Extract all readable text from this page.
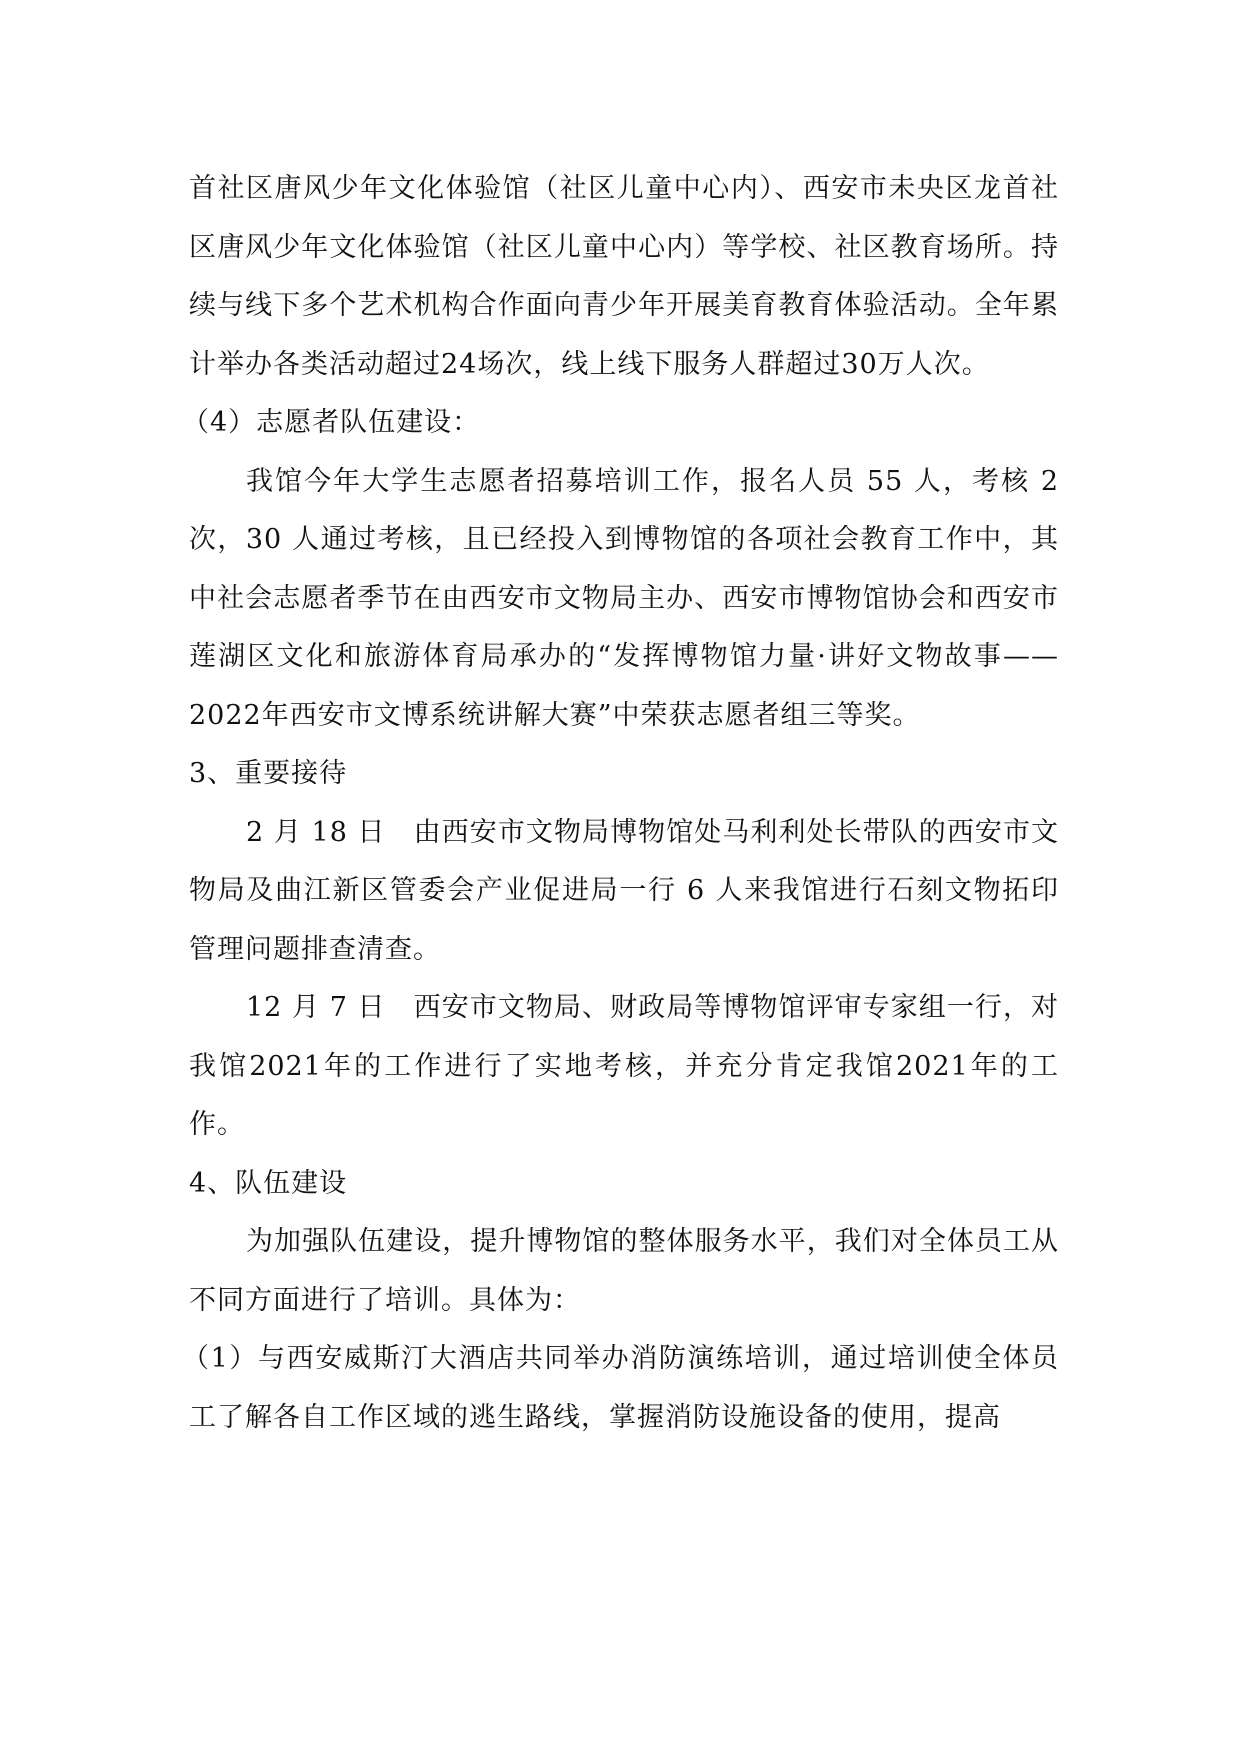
首社区唐风少年文化体验馆（社区儿童中心内）、西安市未央区龙首社区唐风少年文化体验馆（社区儿童中心内）等学校、社区教育场所。持续与线下多个艺术机构合作面向青少年开展美育教育体验活动。全年累计举办各类活动超过24场次，线上线下服务人群超过30万人次。

（4）志愿者队伍建设：

我馆今年大学生志愿者招募培训工作，报名人员 55 人，考核 2 次，30 人通过考核，且已经投入到博物馆的各项社会教育工作中，其中社会志愿者季节在由西安市文物局主办、西安市博物馆协会和西安市莲湖区文化和旅游体育局承办的“发挥博物馆力量·讲好文物故事——2022年西安市文博系统讲解大赛”中荣获志愿者组三等奖。

3、重要接待

2 月 18 日　由西安市文物局博物馆处马利利处长带队的西安市文物局及曲江新区管委会产业促进局一行 6 人来我馆进行石刻文物拓印管理问题排查清查。

12 月 7 日　西安市文物局、财政局等博物馆评审专家组一行，对我馆2021年的工作进行了实地考核，并充分肯定我馆2021年的工作。

4、队伍建设

为加强队伍建设，提升博物馆的整体服务水平，我们对全体员工从不同方面进行了培训。具体为：

（1）与西安威斯汀大酒店共同举办消防演练培训，通过培训使全体员工了解各自工作区域的逃生路线，掌握消防设施设备的使用，提高
